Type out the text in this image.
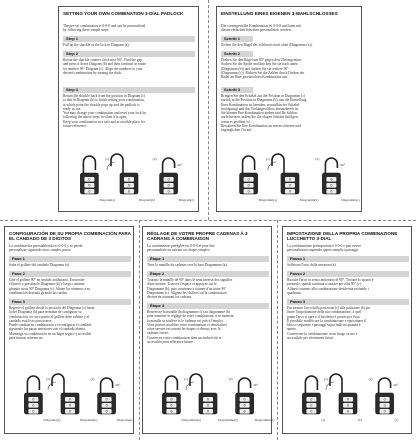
SETTING YOUR OWN COMBINATION 3-DIAL PADLOCK
The pre-set combination is 0-0-0 and can be personalised
by following these simple steps:
Step 1
Pull up the shackle of the lock to Diagram (a).
Step 2
Rotate the shackle counter clockwise 90°. Find the gap
and press it down Diagram (b) and then continue to rotate
for another 90° Diagram (c). Align the numbers to your
desired combination by turning the dials.
Step 3
Return the shackle back from the position in Diagram (c)
to that in Diagram (b) to finish setting your combination,
at which point the shackle pops up and the padlock is
ready to use.
You may change your combination and reset your lock by
following the above steps in when it is open.
Keep your combination in a safe and accessible place for
future reference.
0
0
0
0
0
0
0
0
0
(1)	(2)
90°
Diagram(a)	Diagram(b)	Diagram(c)
EINSTELLUNG EINES EIGENEN 3-WAHLSCHLOSSES
Die voreingestellte Kombination ist 0-0-0 und kann mit
diesen einfachen Schritten personalisiert werden:
Schritt 1
Ziehen Sie den Bügel des Schlosses nach oben (Diagramm (a)).
Schritt 2
Drehen Sie den Bügel um 90° gegen den Uhrzeigersinn.
Suchen Sie die Spalte und drücken Sie sie nach unten
(Diagramm (b)) und drehen Sie sie weitere 90°
(Diagramm (c)). Richten Sie die Zahlen durch Drehen der
Räder an Ihrer gewünschten Kombination aus.
Schritt 3
Bringen Sie den Schäkel aus der Position in Diagramm (c)
zurück in die Position in Diagramm (b), um die Einstellung
Ihrer Kombination zu beenden, woraufhin der Schäkel
hochspringt und das Vorhängeschloss einsatzbereit ist.
Sie können Ihre Kombination ändern und Ihr Schloss
zurücksetzen, indem Sie die obigen Schritte befolgen,
wenn es geöffnet ist.
Bewahren Sie Ihre Kombination an einem sicheren und
zugänglichen Ort auf.
0
0
0
0
0
0
0
0
0
(1)	(2)
90°
Diagramm(a)	Diagramm(b)	Diagramm(c)
CONFIGURACIÓN DE SU PROPIA COMBINACIÓN PARA EL CANDADO DE 3 DÍGITOS
La combinación preestablecida es 0-0-0 y se puede
personalizar siguiendo estos simples pasos:
Paso 1
Suba el grillete del candado Diagrama (a).
Paso 2
Gire el grillete 90° en sentido antihorario. Encuentre
el hueco y presiónelo Diagrama (b) y luego continúe
girando otros 90° Diagrama (c). Alinee los números a su
combinación deseada girando las ruedas.
Paso 3
Regrese el grillete desde la posición del Diagrama (c) hasta
la del Diagrama (b) para terminar de configurar su
combinación, en cuyo punto el grillete debe subirse y el
candado está listo para usarse.
Puede cambiar su combinación y reconfigurar el candado
siguiendo los pasos anteriores con el candado abierto.
Mantenga su combinación en un lugar seguro y accesible
para futuras referencias.
0
0
0
0
0
0
0
0
0
(1)	(2)
90°
Diagrama(a)	Diagrama(b)	Diagrama(c)
RÉGLAGE DE VOTRE PROPRE CADENAS À 3 CADRANS À COMBINAISON
La combinaison préréglée est 0-0-0 et peut être
personnalisée en suivant ces étapes simples :
Étape 1
Tirez la manille du cadenas vers le haut Diagramme (a).
Étape 2
Tournez la manille de 90° dans le sens inverse des aiguilles
d'une montre. Trouvez l'espace et appuyez sur le
Diagramme (b), puis continuez à tourner d'un autre 90°
Diagramme (c). Alignez les chiffres sur la combinaison
désirée en tournant les cadrans.
Étape 3
Renversez la manille du diagramme (c) au diagramme (b)
pour terminer le réglage de votre combinaison, à ce moment
la manille se soulève et le cadenas est prêt à l'emploi.
Vous pouvez modifier votre combinaison et réinitialiser
votre serrure en suivant les étapes ci-dessus avec le
cadenas ouvert.
Conservez votre combinaison dans un endroit sûr et
accessible pour référence future.
0
0
0
0
0
0
0
0
0
(1)	(2)
90°
Diagramme(a)	Diagramme(b)	Diagramme(c)
IMPOSTAZIONE DELLA PROPRIA COMBINAZIONE LUCCHETTO 3-DIAL
La combinazione preimpostata è 0-0-0 e può essere
personalizzata seguendo questi semplici passaggi:
Passo 1
Sollevare l'arco della serratura (a).
Passo 2
Ruotare l'arco in senso antiorario di 90°. Trovare lo spazio e
premerlo, quindi continua a ruotare per altri 90° (c).
Allinea i numeri alla combinazione desiderata ruotando i
quadranti.
Passo 3
Far tornare l'arco dalla posizione (c) alla posizione (b) per
finire l'impostazione della tua combinazione, a quel
punto l'arco si apre e il lucchetto è pronto per l'uso.
È possibile modificare la combinazione e ripristinare il
blocco seguendo i passaggi sopra indicati quando è
aperto.
Conservare la combinazione in un luogo sicuro e
accessibile per riferimenti futuri.
0
0
0
0
0
0
0
0
0
(1)	(2)
90°
(a)	(b)	(c)
